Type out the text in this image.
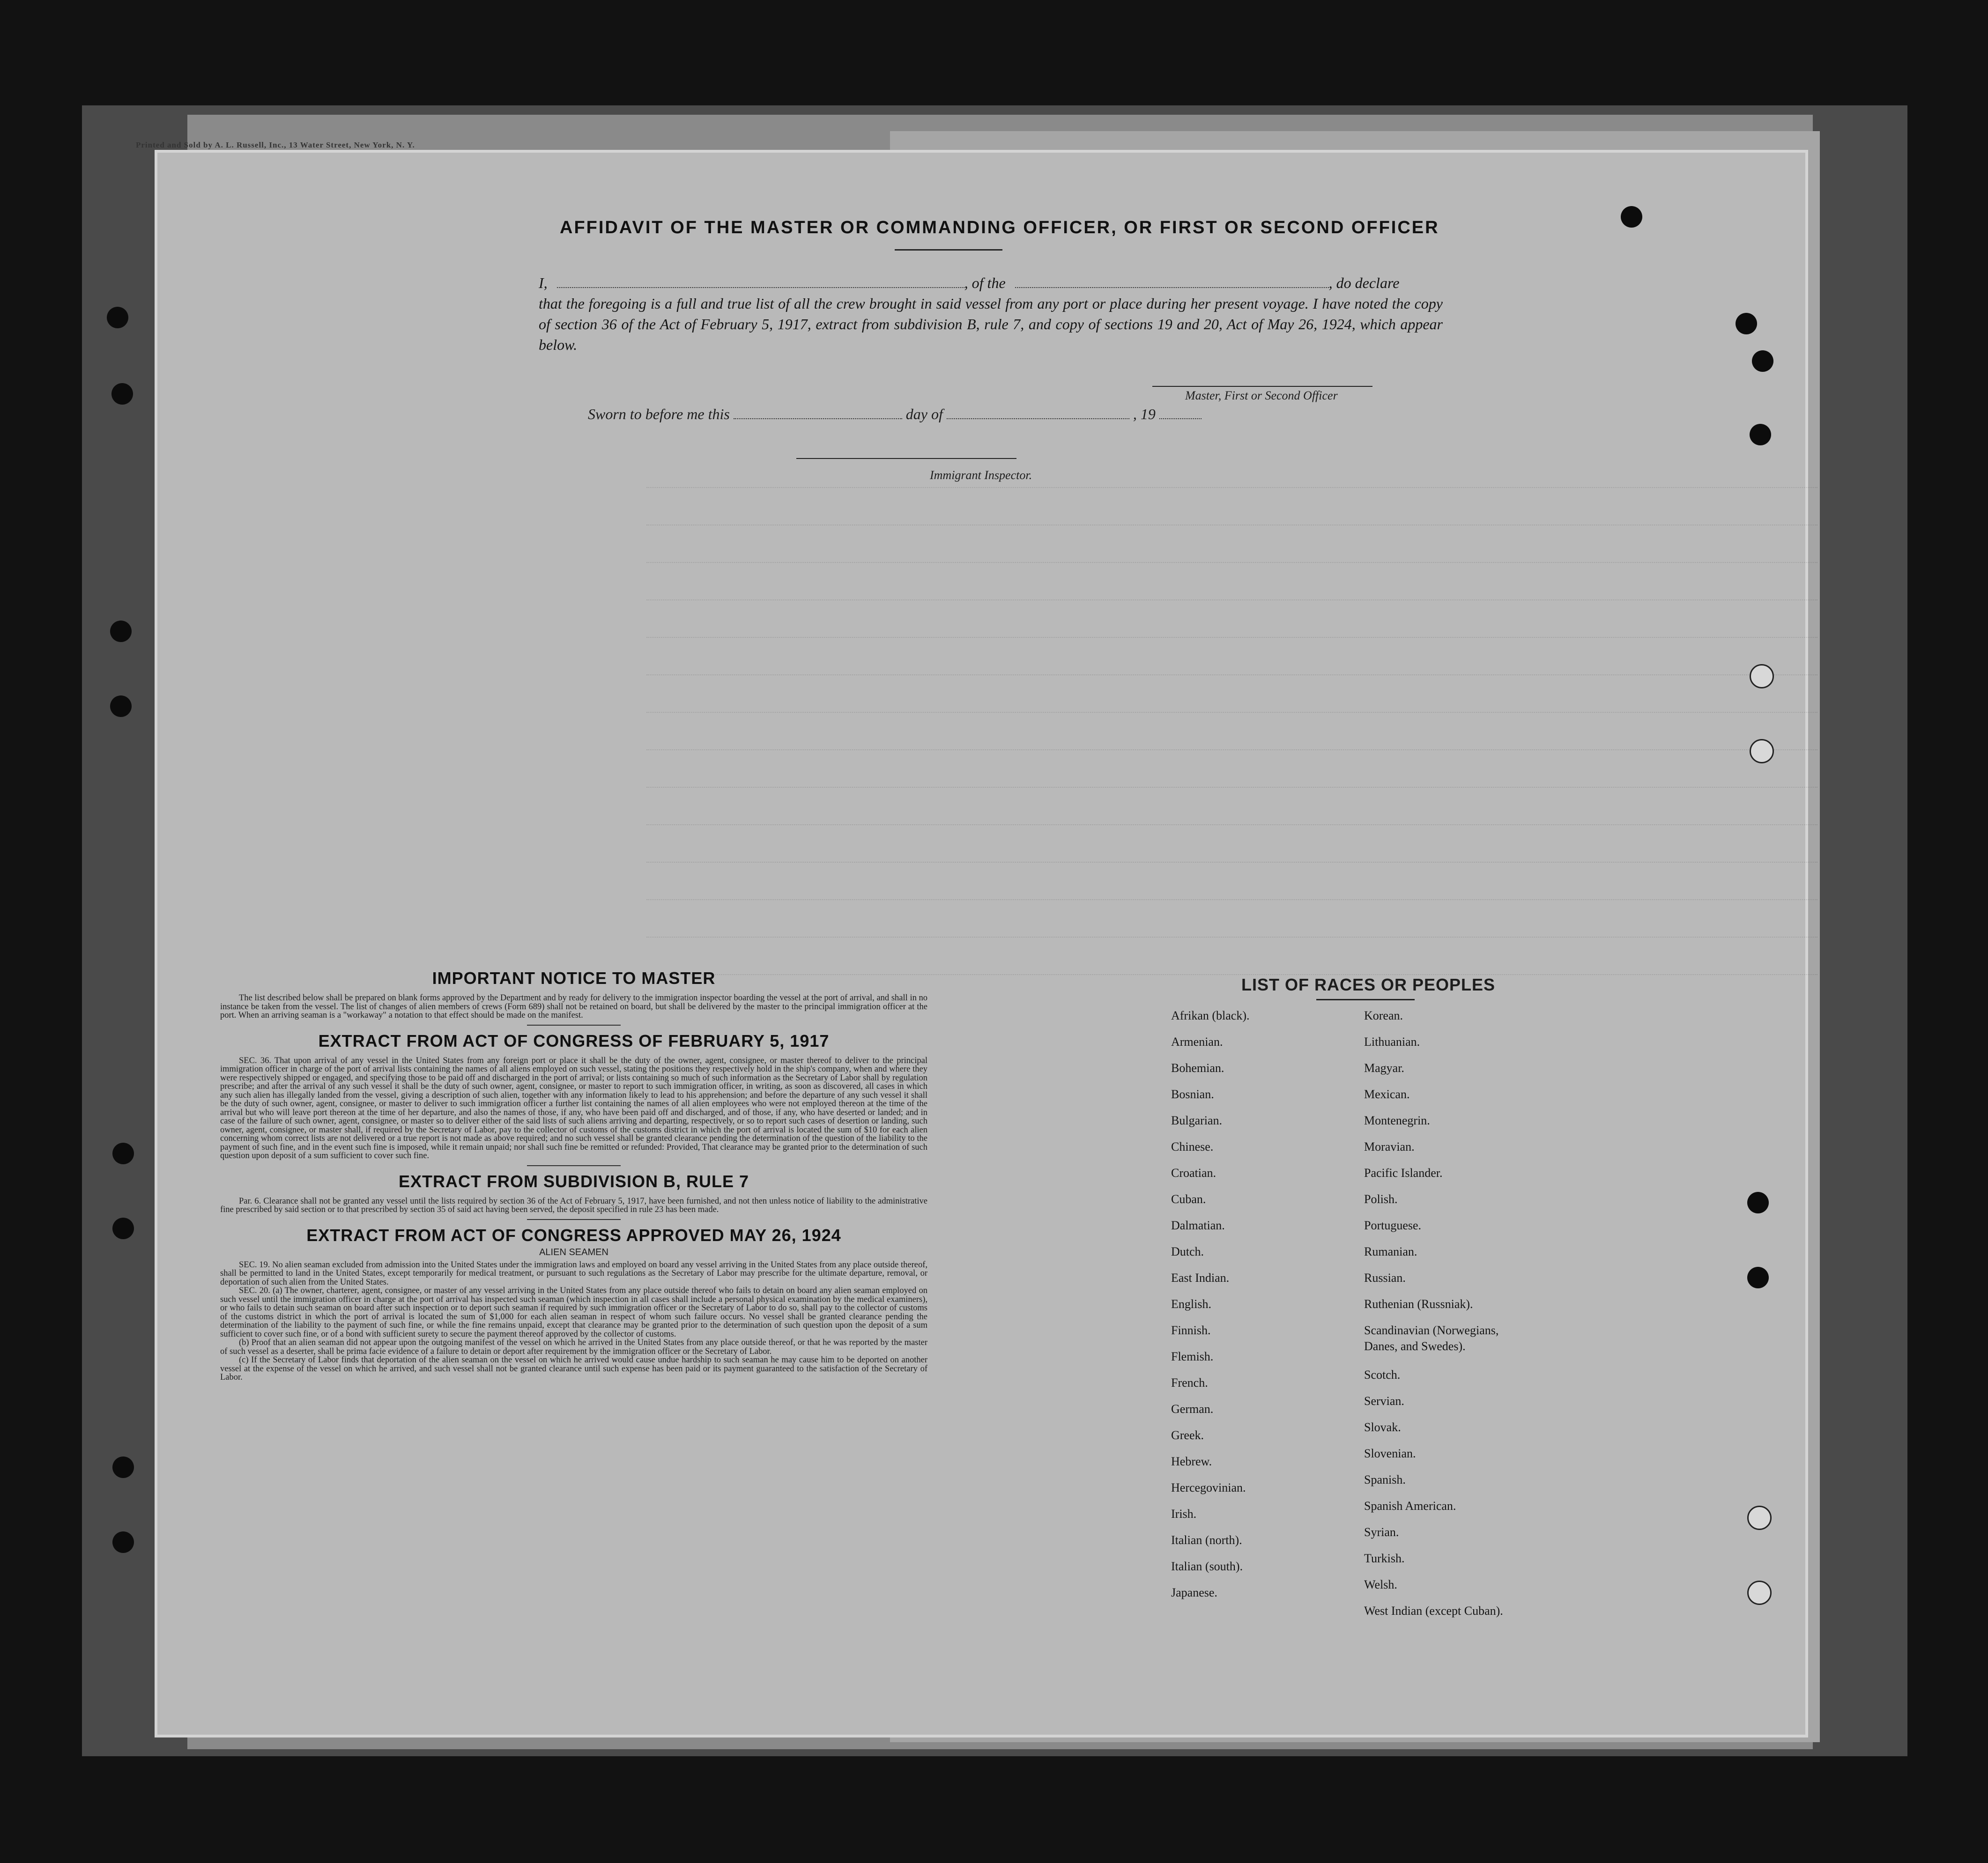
Printed and Sold by A. L. Russell, Inc., 13 Water Street, New York, N. Y.
AFFIDAVIT OF THE MASTER OR COMMANDING OFFICER, OR FIRST OR SECOND OFFICER
I,	, of the	, do declare
that the foregoing is a full and true list of all the crew brought in said vessel from any port or place during her present voyage. I have noted the copy of section 36 of the Act of February 5, 1917, extract from subdivision B, rule 7, and copy of sections 19 and 20, Act of May 26, 1924, which appear below.
Master, First or Second Officer
Sworn to before me this	day of	, 19
Immigrant Inspector.
IMPORTANT NOTICE TO MASTER

The list described below shall be prepared on blank forms approved by the Department and by ready for delivery to the immigration inspector boarding the vessel at the port of arrival, and shall in no instance be taken from the vessel. The list of changes of alien members of crews (Form 689) shall not be retained on board, but shall be delivered by the master to the principal immigration officer at the port. When an arriving seaman is a "workaway" a notation to that effect should be made on the manifest.

EXTRACT FROM ACT OF CONGRESS OF FEBRUARY 5, 1917

SEC. 36. That upon arrival of any vessel in the United States from any foreign port or place it shall be the duty of the owner, agent, consignee, or master thereof to deliver to the principal immigration officer in charge of the port of arrival lists containing the names of all aliens employed on such vessel, stating the positions they respectively hold in the ship's company, when and where they were respectively shipped or engaged, and specifying those to be paid off and discharged in the port of arrival; or lists containing so much of such information as the Secretary of Labor shall by regulation prescribe; and after the arrival of any such vessel it shall be the duty of such owner, agent, consignee, or master to report to such immigration officer, in writing, as soon as discovered, all cases in which any such alien has illegally landed from the vessel, giving a description of such alien, together with any information likely to lead to his apprehension; and before the departure of any such vessel it shall be the duty of such owner, agent, consignee, or master to deliver to such immigration officer a further list containing the names of all alien employees who were not employed thereon at the time of the arrival but who will leave port thereon at the time of her departure, and also the names of those, if any, who have been paid off and discharged, and of those, if any, who have deserted or landed; and in case of the failure of such owner, agent, consignee, or master so to deliver either of the said lists of such aliens arriving and departing, respectively, or so to report such cases of desertion or landing, such owner, agent, consignee, or master shall, if required by the Secretary of Labor, pay to the collector of customs of the customs district in which the port of arrival is located the sum of $10 for each alien concerning whom correct lists are not delivered or a true report is not made as above required; and no such vessel shall be granted clearance pending the determination of the question of the liability to the payment of such fine, and in the event such fine is imposed, while it remain unpaid; nor shall such fine be remitted or refunded: Provided, That clearance may be granted prior to the determination of such question upon deposit of a sum sufficient to cover such fine.

EXTRACT FROM SUBDIVISION B, RULE 7

Par. 6. Clearance shall not be granted any vessel until the lists required by section 36 of the Act of February 5, 1917, have been furnished, and not then unless notice of liability to the administrative fine prescribed by said section or to that prescribed by section 35 of said act having been served, the deposit specified in rule 23 has been made.

EXTRACT FROM ACT OF CONGRESS APPROVED MAY 26, 1924
ALIEN SEAMEN

SEC. 19. No alien seaman excluded from admission into the United States under the immigration laws and employed on board any vessel arriving in the United States from any place outside thereof, shall be permitted to land in the United States, except temporarily for medical treatment, or pursuant to such regulations as the Secretary of Labor may prescribe for the ultimate departure, removal, or deportation of such alien from the United States.

SEC. 20. (a) The owner, charterer, agent, consignee, or master of any vessel arriving in the United States from any place outside thereof who fails to detain on board any alien seaman employed on such vessel until the immigration officer in charge at the port of arrival has inspected such seaman (which inspection in all cases shall include a personal physical examination by the medical examiners), or who fails to detain such seaman on board after such inspection or to deport such seaman if required by such immigration officer or the Secretary of Labor to do so, shall pay to the collector of customs of the customs district in which the port of arrival is located the sum of $1,000 for each alien seaman in respect of whom such failure occurs. No vessel shall be granted clearance pending the determination of the liability to the payment of such fine, or while the fine remains unpaid, except that clearance may be granted prior to the determination of such question upon the deposit of a sum sufficient to cover such fine, or of a bond with sufficient surety to secure the payment thereof approved by the collector of customs.

(b) Proof that an alien seaman did not appear upon the outgoing manifest of the vessel on which he arrived in the United States from any place outside thereof, or that he was reported by the master of such vessel as a deserter, shall be prima facie evidence of a failure to detain or deport after requirement by the immigration officer or the Secretary of Labor.

(c) If the Secretary of Labor finds that deportation of the alien seaman on the vessel on which he arrived would cause undue hardship to such seaman he may cause him to be deported on another vessel at the expense of the vessel on which he arrived, and such vessel shall not be granted clearance until such expense has been paid or its payment guaranteed to the satisfaction of the Secretary of Labor.

LIST OF RACES OR PEOPLES
Afrikan (black).
Armenian.
Bohemian.
Bosnian.
Bulgarian.
Chinese.
Croatian.
Cuban.
Dalmatian.
Dutch.
East Indian.
English.
Finnish.
Flemish.
French.
German.
Greek.
Hebrew.
Hercegovinian.
Irish.
Italian (north).
Italian (south).
Japanese.
Korean.
Lithuanian.
Magyar.
Mexican.
Montenegrin.
Moravian.
Pacific Islander.
Polish.
Portuguese.
Rumanian.
Russian.
Ruthenian (Russniak).
Scandinavian (Norwegians,
Danes, and Swedes).
Scotch.
Servian.
Slovak.
Slovenian.
Spanish.
Spanish American.
Syrian.
Turkish.
Welsh.
West Indian (except Cuban).
